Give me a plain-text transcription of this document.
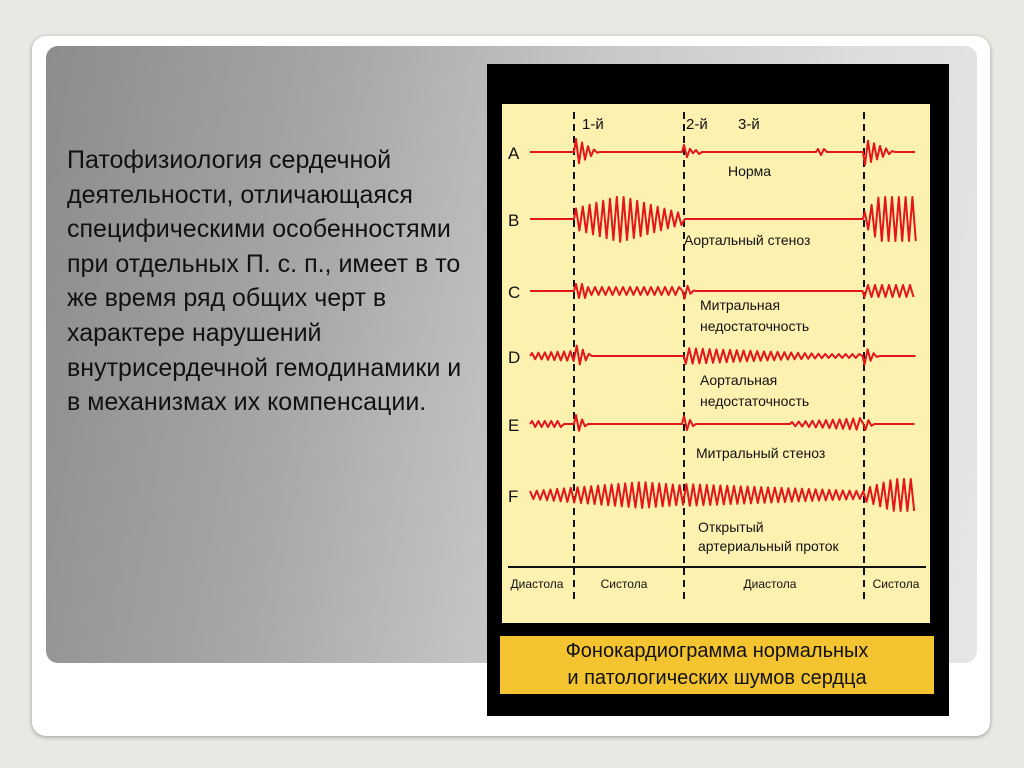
Патофизиология сердечной деятельности, отличающаяся специфическими особенностями при отдельных П. с. п., имеет в то же время ряд общих черт в характере нарушений внутрисердечной гемодинамики и в механизмах их компенсации.
1-й	2-й 3-й
Диастола	Систола	Диастола	Систола
A
Норма
B
Аортальный стеноз
C
Митральная
недостаточность
D
Аортальная
недостаточность
E
Митральный стеноз
F
Открытый
артериальный проток
Фонокардиограмма нормальных
и патологических шумов сердца
